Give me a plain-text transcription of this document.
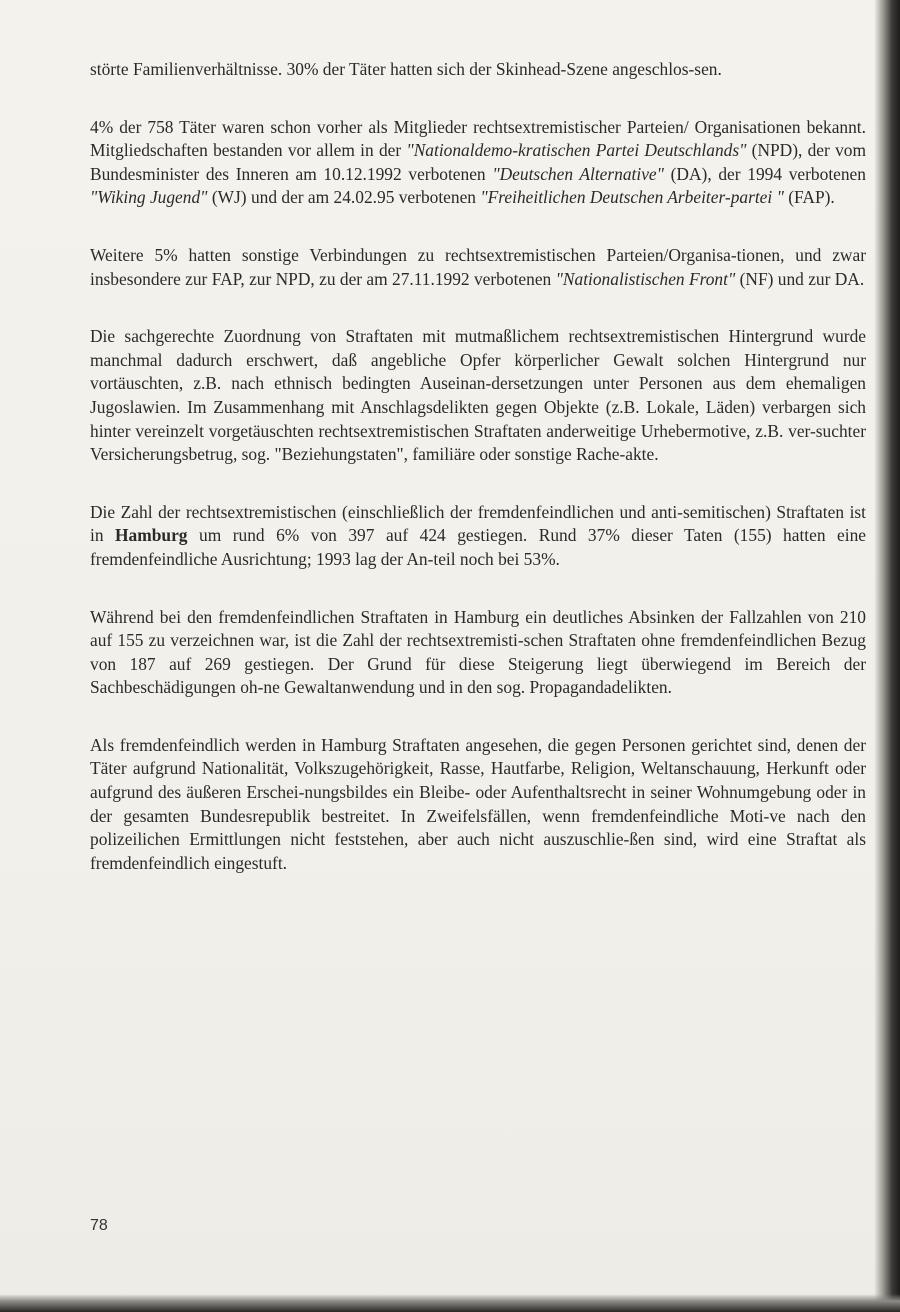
störte Familienverhältnisse. 30% der Täter hatten sich der Skinhead-Szene angeschlos-sen.

4% der 758 Täter waren schon vorher als Mitglieder rechtsextremistischer Parteien/ Organisationen bekannt. Mitgliedschaften bestanden vor allem in der "Nationaldemo-kratischen Partei Deutschlands" (NPD), der vom Bundesminister des Inneren am 10.12.1992 verbotenen "Deutschen Alternative" (DA), der 1994 verbotenen "Wiking Jugend" (WJ) und der am 24.02.95 verbotenen "Freiheitlichen Deutschen Arbeiter-partei " (FAP).

Weitere 5% hatten sonstige Verbindungen zu rechtsextremistischen Parteien/Organisa-tionen, und zwar insbesondere zur FAP, zur NPD, zu der am 27.11.1992 verbotenen "Nationalistischen Front" (NF) und zur DA.

Die sachgerechte Zuordnung von Straftaten mit mutmaßlichem rechtsextremistischen Hintergrund wurde manchmal dadurch erschwert, daß angebliche Opfer körperlicher Gewalt solchen Hintergrund nur vortäuschten, z.B. nach ethnisch bedingten Auseinan-dersetzungen unter Personen aus dem ehemaligen Jugoslawien. Im Zusammenhang mit Anschlagsdelikten gegen Objekte (z.B. Lokale, Läden) verbargen sich hinter vereinzelt vorgetäuschten rechtsextremistischen Straftaten anderweitige Urhebermotive, z.B. ver-suchter Versicherungsbetrug, sog. "Beziehungstaten", familiäre oder sonstige Rache-akte.

Die Zahl der rechtsextremistischen (einschließlich der fremdenfeindlichen und anti-semitischen) Straftaten ist in Hamburg um rund 6% von 397 auf 424 gestiegen. Rund 37% dieser Taten (155) hatten eine fremdenfeindliche Ausrichtung; 1993 lag der An-teil noch bei 53%.

Während bei den fremdenfeindlichen Straftaten in Hamburg ein deutliches Absinken der Fallzahlen von 210 auf 155 zu verzeichnen war, ist die Zahl der rechtsextremisti-schen Straftaten ohne fremdenfeindlichen Bezug von 187 auf 269 gestiegen. Der Grund für diese Steigerung liegt überwiegend im Bereich der Sachbeschädigungen oh-ne Gewaltanwendung und in den sog. Propagandadelikten.

Als fremdenfeindlich werden in Hamburg Straftaten angesehen, die gegen Personen gerichtet sind, denen der Täter aufgrund Nationalität, Volkszugehörigkeit, Rasse, Hautfarbe, Religion, Weltanschauung, Herkunft oder aufgrund des äußeren Erschei-nungsbildes ein Bleibe- oder Aufenthaltsrecht in seiner Wohnumgebung oder in der gesamten Bundesrepublik bestreitet. In Zweifelsfällen, wenn fremdenfeindliche Moti-ve nach den polizeilichen Ermittlungen nicht feststehen, aber auch nicht auszuschlie-ßen sind, wird eine Straftat als fremdenfeindlich eingestuft.

78
